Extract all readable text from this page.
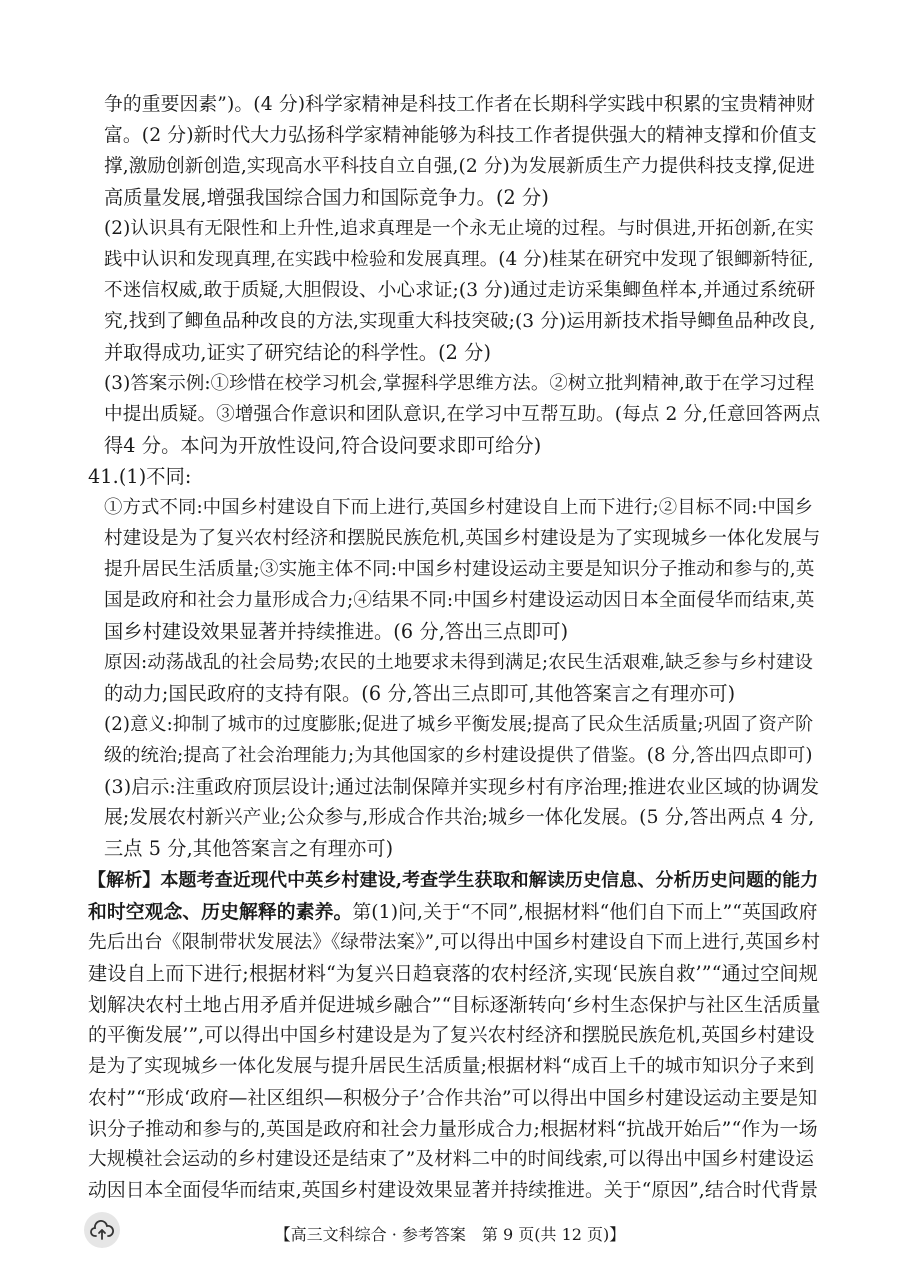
争的重要因素”)。(4 分)科学家精神是科技工作者在长期科学实践中积累的宝贵精神财
富。(2 分)新时代大力弘扬科学家精神能够为科技工作者提供强大的精神支撑和价值支
撑,激励创新创造,实现高水平科技自立自强,(2 分)为发展新质生产力提供科技支撑,促进
高质量发展,增强我国综合国力和国际竞争力。(2 分)
(2)认识具有无限性和上升性,追求真理是一个永无止境的过程。与时俱进,开拓创新,在实
践中认识和发现真理,在实践中检验和发展真理。(4 分)桂某在研究中发现了银鲫新特征,
不迷信权威,敢于质疑,大胆假设、小心求证;(3 分)通过走访采集鲫鱼样本,并通过系统研
究,找到了鲫鱼品种改良的方法,实现重大科技突破;(3 分)运用新技术指导鲫鱼品种改良,
并取得成功,证实了研究结论的科学性。(2 分)
(3)答案示例:①珍惜在校学习机会,掌握科学思维方法。②树立批判精神,敢于在学习过程
中提出质疑。③增强合作意识和团队意识,在学习中互帮互助。(每点 2 分,任意回答两点
得4 分。本问为开放性设问,符合设问要求即可给分)
41.(1)不同:
①方式不同:中国乡村建设自下而上进行,英国乡村建设自上而下进行;②目标不同:中国乡
村建设是为了复兴农村经济和摆脱民族危机,英国乡村建设是为了实现城乡一体化发展与
提升居民生活质量;③实施主体不同:中国乡村建设运动主要是知识分子推动和参与的,英
国是政府和社会力量形成合力;④结果不同:中国乡村建设运动因日本全面侵华而结束,英
国乡村建设效果显著并持续推进。(6 分,答出三点即可)
原因:动荡战乱的社会局势;农民的土地要求未得到满足;农民生活艰难,缺乏参与乡村建设
的动力;国民政府的支持有限。(6 分,答出三点即可,其他答案言之有理亦可)
(2)意义:抑制了城市的过度膨胀;促进了城乡平衡发展;提高了民众生活质量;巩固了资产阶
级的统治;提高了社会治理能力;为其他国家的乡村建设提供了借鉴。(8 分,答出四点即可)
(3)启示:注重政府顶层设计;通过法制保障并实现乡村有序治理;推进农业区域的协调发
展;发展农村新兴产业;公众参与,形成合作共治;城乡一体化发展。(5 分,答出两点 4 分,
三点 5 分,其他答案言之有理亦可)
【解析】本题考查近现代中英乡村建设,考查学生获取和解读历史信息、分析历史问题的能力
和时空观念、历史解释的素养。第(1)问,关于“不同”,根据材料“他们自下而上”“英国政府
先后出台《限制带状发展法》《绿带法案》”,可以得出中国乡村建设自下而上进行,英国乡村
建设自上而下进行;根据材料“为复兴日趋衰落的农村经济,实现‘民族自救’”“通过空间规
划解决农村土地占用矛盾并促进城乡融合”“目标逐渐转向‘乡村生态保护与社区生活质量
的平衡发展’”,可以得出中国乡村建设是为了复兴农村经济和摆脱民族危机,英国乡村建设
是为了实现城乡一体化发展与提升居民生活质量;根据材料“成百上千的城市知识分子来到
农村”“形成‘政府—社区组织—积极分子’合作共治”可以得出中国乡村建设运动主要是知
识分子推动和参与的,英国是政府和社会力量形成合力;根据材料“抗战开始后”“作为一场
大规模社会运动的乡村建设还是结束了”及材料二中的时间线索,可以得出中国乡村建设运
动因日本全面侵华而结束,英国乡村建设效果显著并持续推进。关于“原因”,结合时代背景
【高三文科综合 · 参考答案　第 9 页(共 12 页)】
